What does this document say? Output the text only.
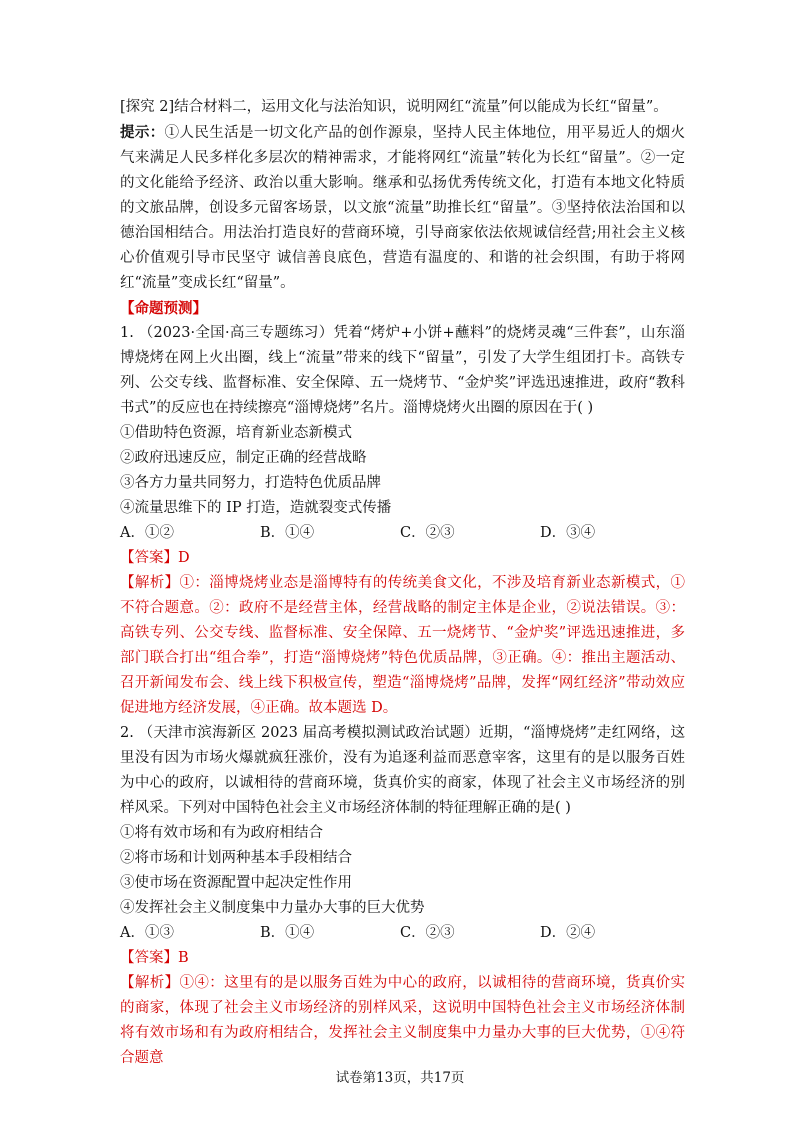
[探究 2]结合材料二，运用文化与法治知识，说明网红“流量”何以能成为长红“留量”。

提示：①人民生活是一切文化产品的创作源泉，坚持人民主体地位，用平易近人的烟火气来满足人民多样化多层次的精神需求，才能将网红“流量”转化为长红“留量”。②一定的文化能给予经济、政治以重大影响。继承和弘扬优秀传统文化，打造有本地文化特质的文旅品牌，创设多元留客场景，以文旅“流量”助推长红“留量”。③坚持依法治国和以德治国相结合。用法治打造良好的营商环境，引导商家依法依规诚信经营;用社会主义核心价值观引导市民坚守 诚信善良底色，营造有温度的、和谐的社会织围，有助于将网红“流量”变成长红“留量”。

【命题预测】

1. （2023·全国·高三专题练习）凭着“烤炉+小饼+蘸料”的烧烤灵魂“三件套”，山东淄博烧烤在网上火出圈，线上“流量”带来的线下“留量”，引发了大学生组团打卡。高铁专列、公交专线、监督标准、安全保障、五一烧烤节、“金炉奖”评选迅速推进，政府“教科书式”的反应也在持续擦亮“淄博烧烤”名片。淄博烧烤火出圈的原因在于( )

①借助特色资源，培育新业态新模式

②政府迅速反应，制定正确的经营战略

③各方力量共同努力，打造特色优质品牌

④流量思维下的 IP 打造，造就裂变式传播

A．①②	B．①④	C．②③	D．③④

【答案】D

【解析】①：淄博烧烤业态是淄博特有的传统美食文化，不涉及培育新业态新模式，①不符合题意。②：政府不是经营主体，经营战略的制定主体是企业，②说法错误。③：高铁专列、公交专线、监督标准、安全保障、五一烧烤节、“金炉奖”评选迅速推进，多部门联合打出“组合拳”，打造“淄博烧烤”特色优质品牌，③正确。④：推出主题活动、召开新闻发布会、线上线下积极宣传，塑造“淄博烧烤”品牌，发挥“网红经济”带动效应促进地方经济发展，④正确。故本题选 D。

2. （天津市滨海新区 2023 届高考模拟测试政治试题）近期，“淄博烧烤”走红网络，这里没有因为市场火爆就疯狂涨价，没有为追逐利益而恶意宰客，这里有的是以服务百姓为中心的政府，以诚相待的营商环境，货真价实的商家，体现了社会主义市场经济的别样风采。下列对中国特色社会主义市场经济体制的特征理解正确的是( )

①将有效市场和有为政府相结合

②将市场和计划两种基本手段相结合

③使市场在资源配置中起决定性作用

④发挥社会主义制度集中力量办大事的巨大优势

A．①③	B．①④	C．②③	D．②④

【答案】B

【解析】①④：这里有的是以服务百姓为中心的政府，以诚相待的营商环境，货真价实的商家，体现了社会主义市场经济的别样风采，这说明中国特色社会主义市场经济体制将有效市场和有为政府相结合，发挥社会主义制度集中力量办大事的巨大优势，①④符合题意

试卷第13页，共17页
